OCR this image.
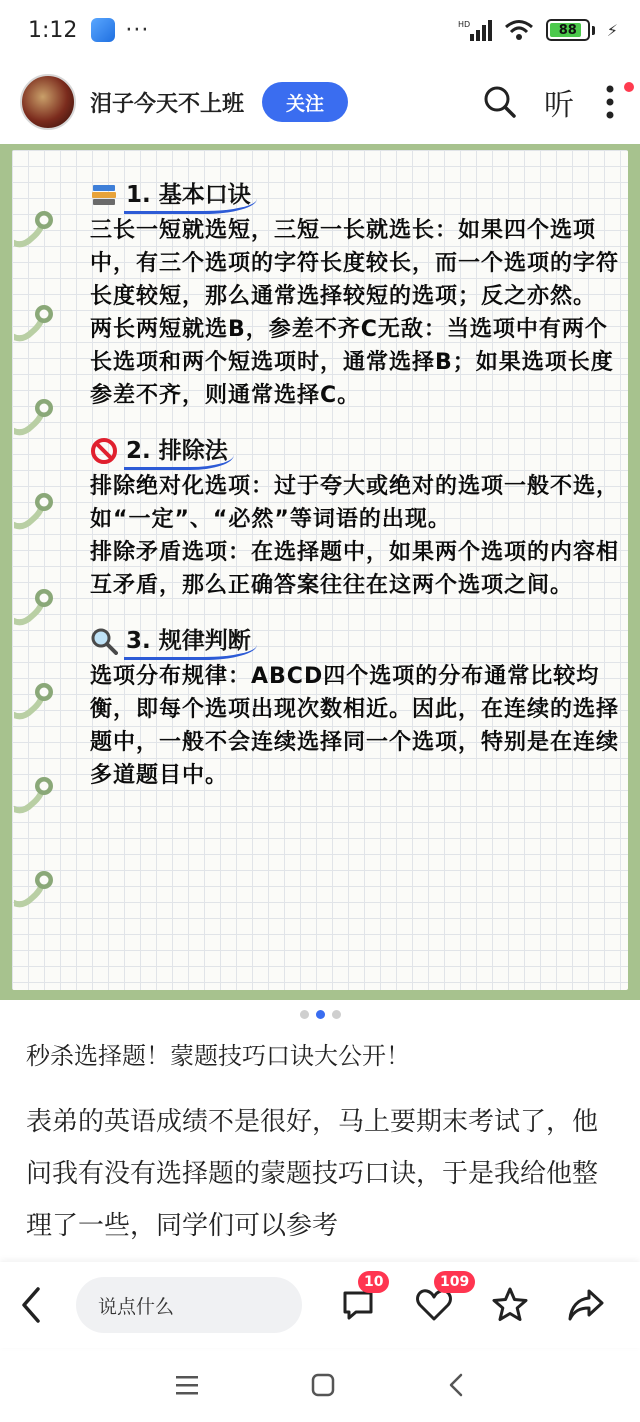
1:12 ···	HD	88 ⚡
泪子今天不上班	关注	听
1. 基本口诀
三长一短就选短，三短一长就选长：如果四个选项中，有三个选项的字符长度较长，而一个选项的字符长度较短，那么通常选择较短的选项；反之亦然。
两长两短就选B，参差不齐C无敌：当选项中有两个长选项和两个短选项时，通常选择B；如果选项长度参差不齐，则通常选择C。
2. 排除法
排除绝对化选项：过于夸大或绝对的选项一般不选，如“一定”、“必然”等词语的出现。
排除矛盾选项：在选择题中，如果两个选项的内容相互矛盾，那么正确答案往往在这两个选项之间。
3. 规律判断
选项分布规律：ABCD四个选项的分布通常比较均衡，即每个选项出现次数相近。因此，在连续的选择题中，一般不会连续选择同一个选项，特别是在连续多道题目中。
秒杀选择题！蒙题技巧口诀大公开！
表弟的英语成绩不是很好，马上要期末考试了，他问我有没有选择题的蒙题技巧口诀，于是我给他整理了一些，同学们可以参考
说点什么
10	109
